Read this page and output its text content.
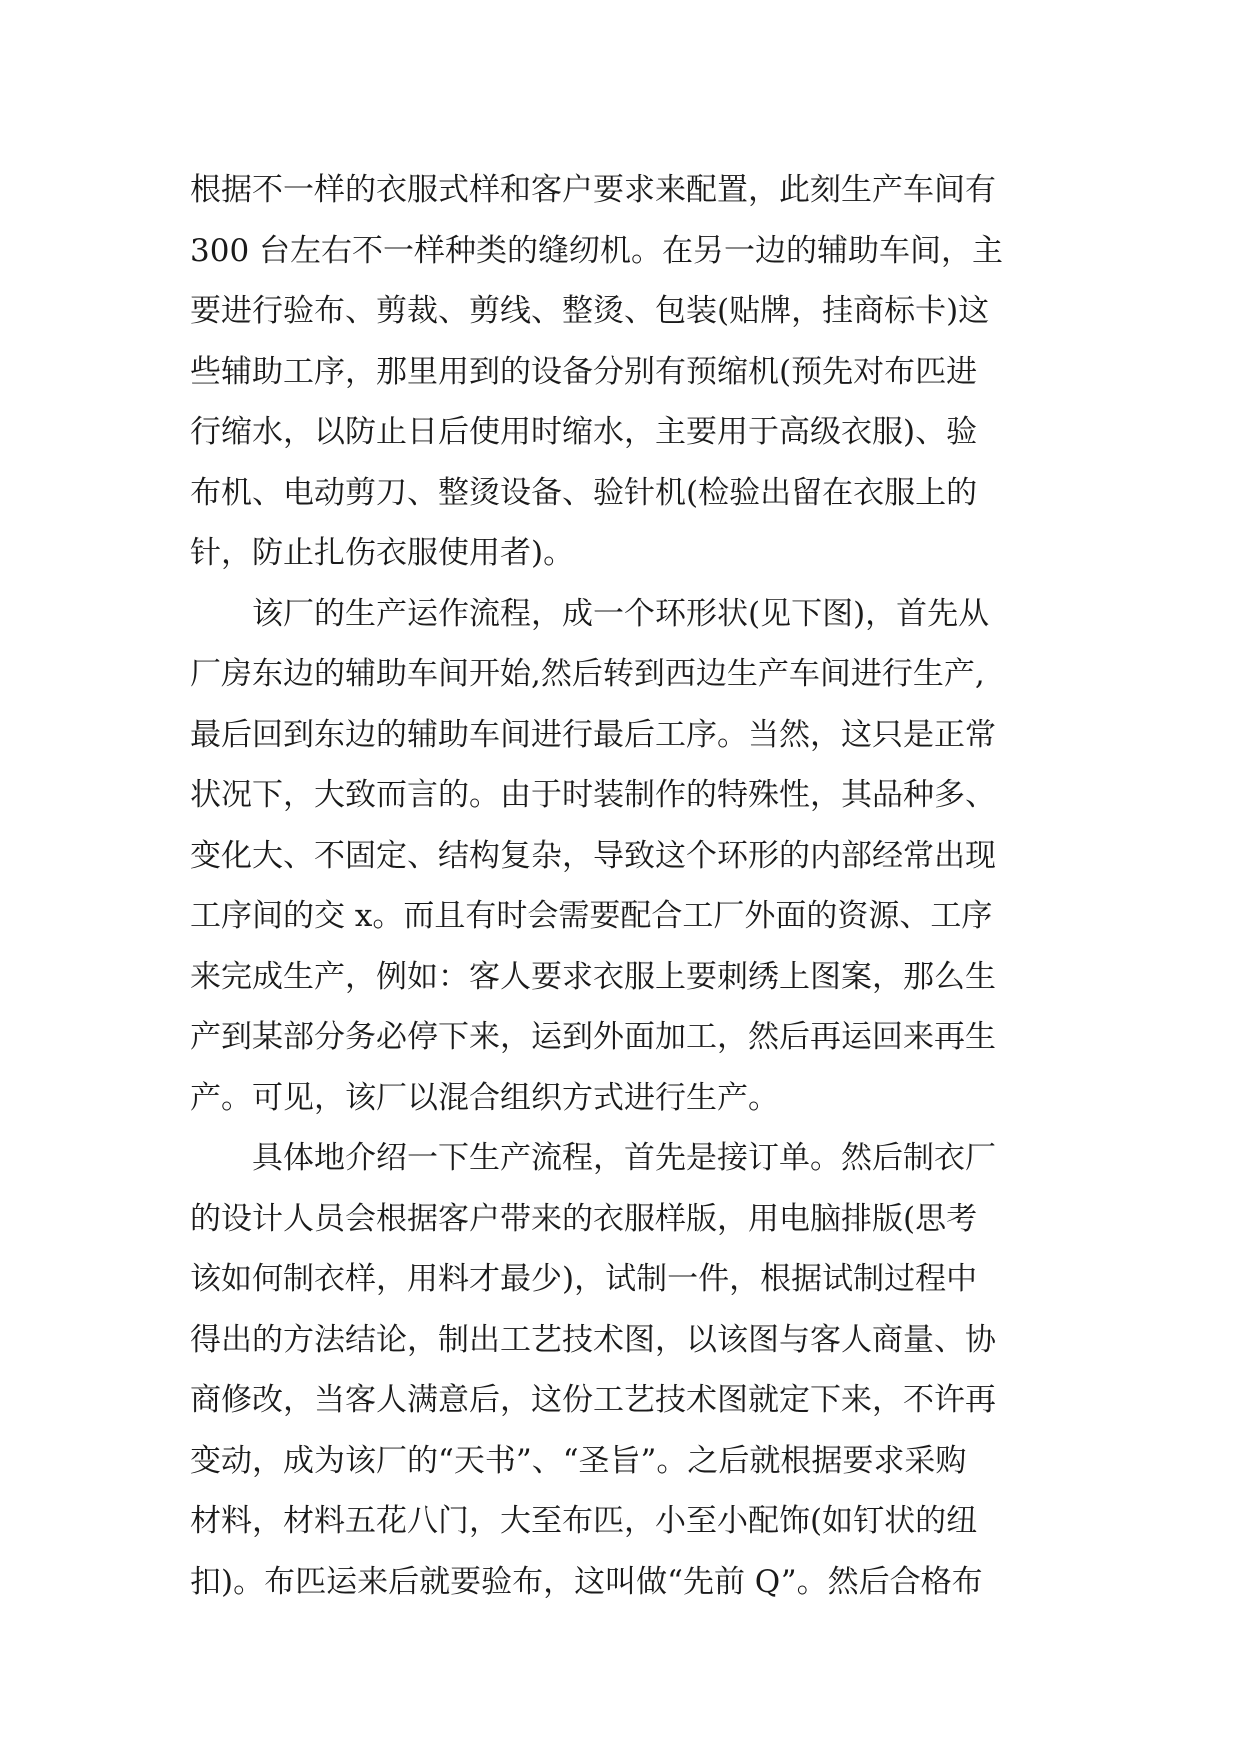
根据不一样的衣服式样和客户要求来配置，此刻生产车间有
300 台左右不一样种类的缝纫机。在另一边的辅助车间，主
要进行验布、剪裁、剪线、整烫、包装(贴牌，挂商标卡)这
些辅助工序，那里用到的设备分别有预缩机(预先对布匹进
行缩水，以防止日后使用时缩水，主要用于高级衣服)、验
布机、电动剪刀、整烫设备、验针机(检验出留在衣服上的
针，防止扎伤衣服使用者)。
　　该厂的生产运作流程，成一个环形状(见下图)，首先从
厂房东边的辅助车间开始,然后转到西边生产车间进行生产,
最后回到东边的辅助车间进行最后工序。当然，这只是正常
状况下，大致而言的。由于时装制作的特殊性，其品种多、
变化大、不固定、结构复杂，导致这个环形的内部经常出现
工序间的交 x。而且有时会需要配合工厂外面的资源、工序
来完成生产，例如：客人要求衣服上要刺绣上图案，那么生
产到某部分务必停下来，运到外面加工，然后再运回来再生
产。可见，该厂以混合组织方式进行生产。
　　具体地介绍一下生产流程，首先是接订单。然后制衣厂
的设计人员会根据客户带来的衣服样版，用电脑排版(思考
该如何制衣样，用料才最少)，试制一件，根据试制过程中
得出的方法结论，制出工艺技术图，以该图与客人商量、协
商修改，当客人满意后，这份工艺技术图就定下来，不许再
变动，成为该厂的“天书”、“圣旨”。之后就根据要求采购
材料，材料五花八门，大至布匹，小至小配饰(如钉状的纽
扣)。布匹运来后就要验布，这叫做“先前 Q”。然后合格布
